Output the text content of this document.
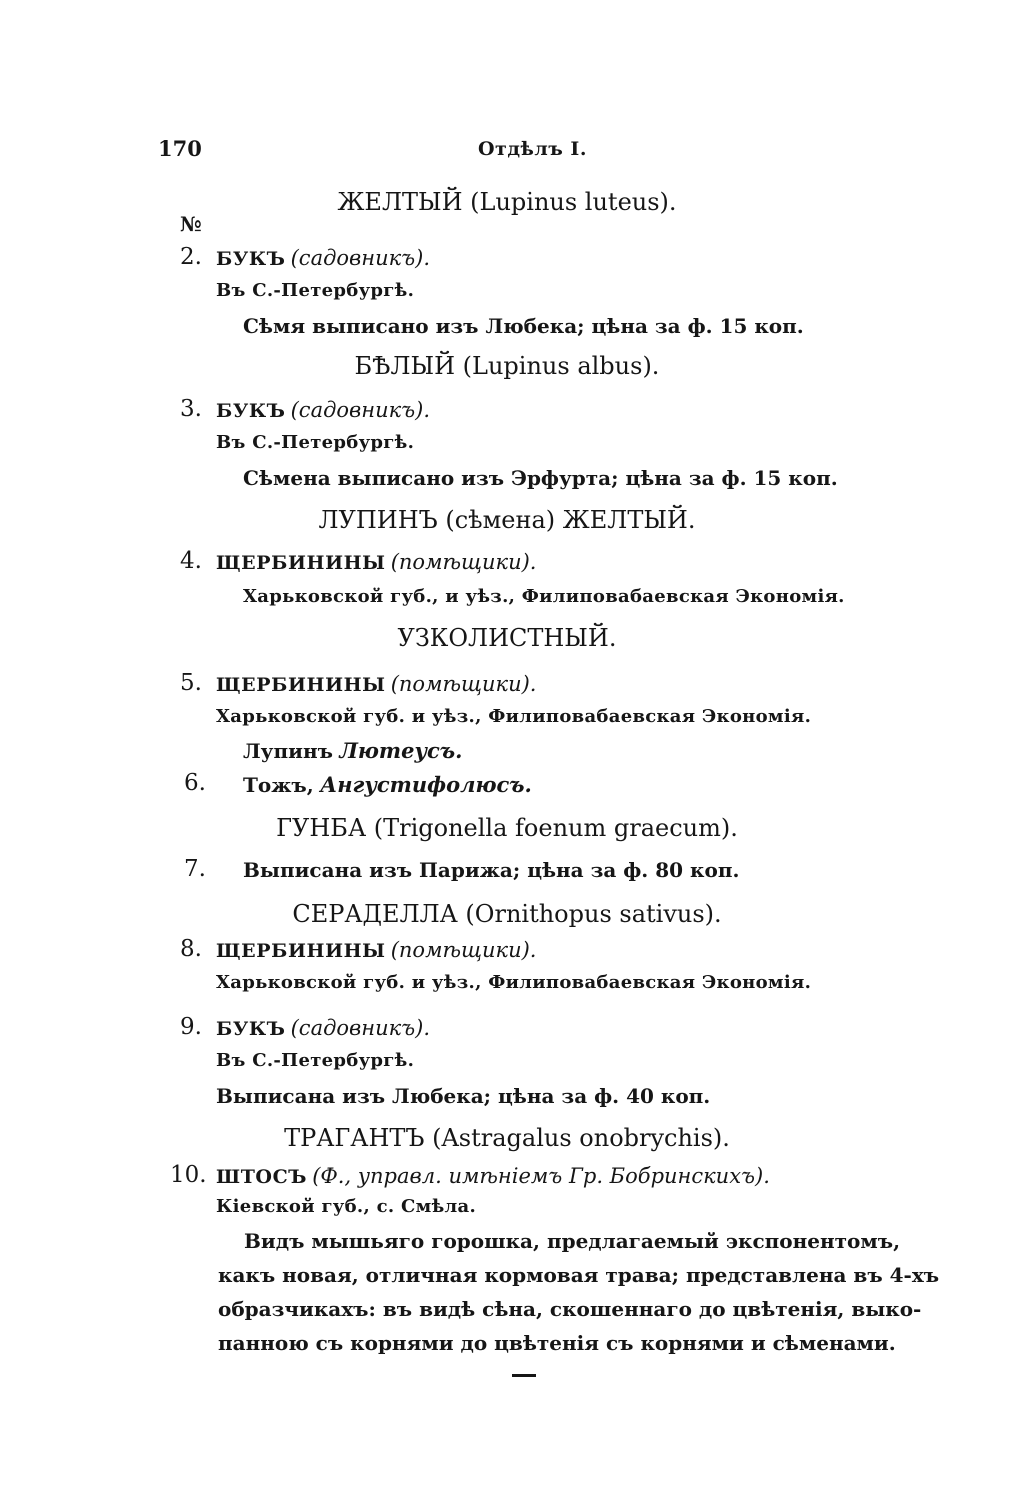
170	Отдѣлъ I.
ЖЕЛТЫЙ (Lupinus luteus).
№
2. БУКЪ (садовникъ).
Въ С.-Петербургѣ.
Сѣмя выписано изъ Любека; цѣна за ф. 15 коп.
БѢЛЫЙ (Lupinus albus).
3. БУКЪ (садовникъ).
Въ С.-Петербургѣ.
Сѣмена выписано изъ Эрфурта; цѣна за ф. 15 коп.
ЛУПИНЪ (сѣмена) ЖЕЛТЫЙ.
4. ЩЕРБИНИНЫ (помѣщики).
Харьковской губ., и уѣз., Филиповабаевская Экономія.
УЗКОЛИСТНЫЙ.
5. ЩЕРБИНИНЫ (помѣщики).
Харьковской губ. и уѣз., Филиповабаевская Экономія.
Лупинъ Лютеусъ.
6. Тожъ, Ангустифолюсъ.
ГУНБА (Trigonella foenum graecum).
7. Выписана изъ Парижа; цѣна за ф. 80 коп.
СЕРАДЕЛЛА (Ornithopus sativus).
8. ЩЕРБИНИНЫ (помѣщики).
Харьковской губ. и уѣз., Филиповабаевская Экономія.
9. БУКЪ (садовникъ).
Въ С.-Петербургѣ.
Выписана изъ Любека; цѣна за ф. 40 коп.
ТРАГАНТЪ (Astragalus onobrychis).
10. ШТОСЪ (Ф., управл. имѣніемъ Гр. Бобринскихъ).
Кіевской губ., с. Смѣла.
Видъ мышьяго горошка, предлагаемый экспонентомъ,
какъ новая, отличная кормовая трава; представлена въ 4-хъ
образчикахъ: въ видѣ сѣна, скошеннаго до цвѣтенія, выко-
панною съ корнями до цвѣтенія съ корнями и сѣменами.
